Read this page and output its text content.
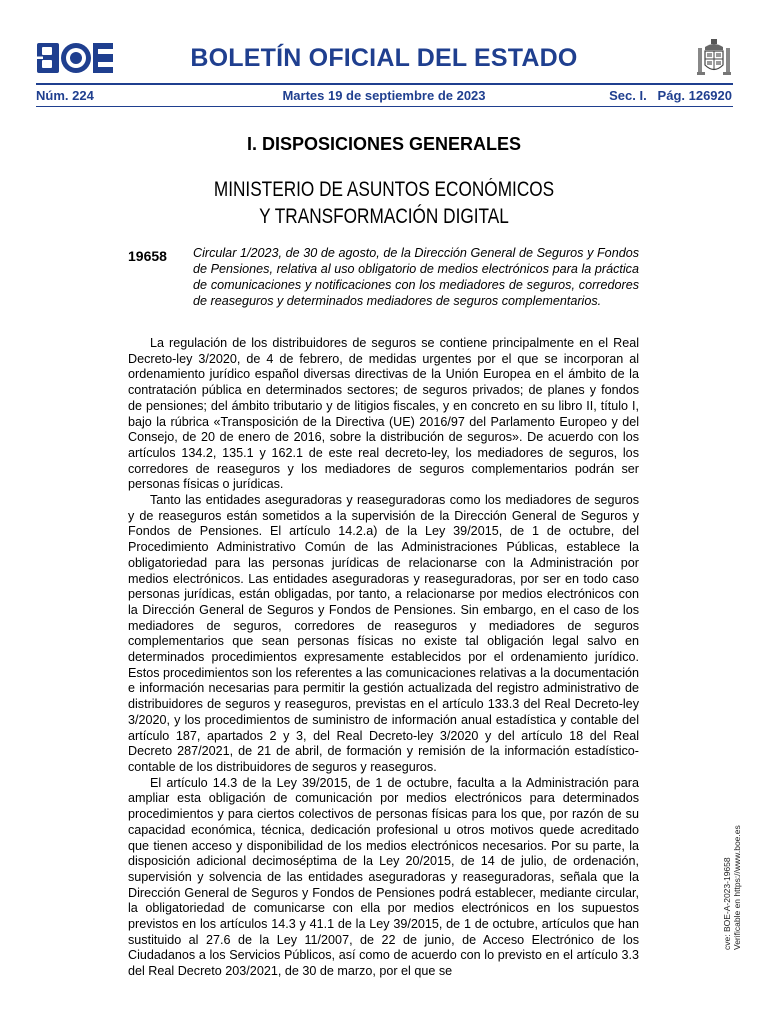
BOLETÍN OFICIAL DEL ESTADO
Núm. 224	Martes 19 de septiembre de 2023	Sec. I.   Pág. 126920
I. DISPOSICIONES GENERALES
MINISTERIO DE ASUNTOS ECONÓMICOS
Y TRANSFORMACIÓN DIGITAL
19658 Circular 1/2023, de 30 de agosto, de la Dirección General de Seguros y Fondos de Pensiones, relativa al uso obligatorio de medios electrónicos para la práctica de comunicaciones y notificaciones con los mediadores de seguros, corredores de reaseguros y determinados mediadores de seguros complementarios.

La regulación de los distribuidores de seguros se contiene principalmente en el Real Decreto-ley 3/2020, de 4 de febrero, de medidas urgentes por el que se incorporan al ordenamiento jurídico español diversas directivas de la Unión Europea en el ámbito de la contratación pública en determinados sectores; de seguros privados; de planes y fondos de pensiones; del ámbito tributario y de litigios fiscales, y en concreto en su libro II, título I, bajo la rúbrica «Transposición de la Directiva (UE) 2016/97 del Parlamento Europeo y del Consejo, de 20 de enero de 2016, sobre la distribución de seguros». De acuerdo con los artículos 134.2, 135.1 y 162.1 de este real decreto-ley, los mediadores de seguros, los corredores de reaseguros y los mediadores de seguros complementarios podrán ser personas físicas o jurídicas.

Tanto las entidades aseguradoras y reaseguradoras como los mediadores de seguros y de reaseguros están sometidos a la supervisión de la Dirección General de Seguros y Fondos de Pensiones. El artículo 14.2.a) de la Ley 39/2015, de 1 de octubre, del Procedimiento Administrativo Común de las Administraciones Públicas, establece la obligatoriedad para las personas jurídicas de relacionarse con la Administración por medios electrónicos. Las entidades aseguradoras y reaseguradoras, por ser en todo caso personas jurídicas, están obligadas, por tanto, a relacionarse por medios electrónicos con la Dirección General de Seguros y Fondos de Pensiones. Sin embargo, en el caso de los mediadores de seguros, corredores de reaseguros y mediadores de seguros complementarios que sean personas físicas no existe tal obligación legal salvo en determinados procedimientos expresamente establecidos por el ordenamiento jurídico. Estos procedimientos son los referentes a las comunicaciones relativas a la documentación e información necesarias para permitir la gestión actualizada del registro administrativo de distribuidores de seguros y reaseguros, previstas en el artículo 133.3 del Real Decreto-ley 3/2020, y los procedimientos de suministro de información anual estadística y contable del artículo 187, apartados 2 y 3, del Real Decreto-ley 3/2020 y del artículo 18 del Real Decreto 287/2021, de 21 de abril, de formación y remisión de la información estadístico-contable de los distribuidores de seguros y reaseguros.

El artículo 14.3 de la Ley 39/2015, de 1 de octubre, faculta a la Administración para ampliar esta obligación de comunicación por medios electrónicos para determinados procedimientos y para ciertos colectivos de personas físicas para los que, por razón de su capacidad económica, técnica, dedicación profesional u otros motivos quede acreditado que tienen acceso y disponibilidad de los medios electrónicos necesarios. Por su parte, la disposición adicional decimoséptima de la Ley 20/2015, de 14 de julio, de ordenación, supervisión y solvencia de las entidades aseguradoras y reaseguradoras, señala que la Dirección General de Seguros y Fondos de Pensiones podrá establecer, mediante circular, la obligatoriedad de comunicarse con ella por medios electrónicos en los supuestos previstos en los artículos 14.3 y 41.1 de la Ley 39/2015, de 1 de octubre, artículos que han sustituido al 27.6 de la Ley 11/2007, de 22 de junio, de Acceso Electrónico de los Ciudadanos a los Servicios Públicos, así como de acuerdo con lo previsto en el artículo 3.3 del Real Decreto 203/2021, de 30 de marzo, por el que se

cve: BOE-A-2023-19658 Verificable en https://www.boe.es
